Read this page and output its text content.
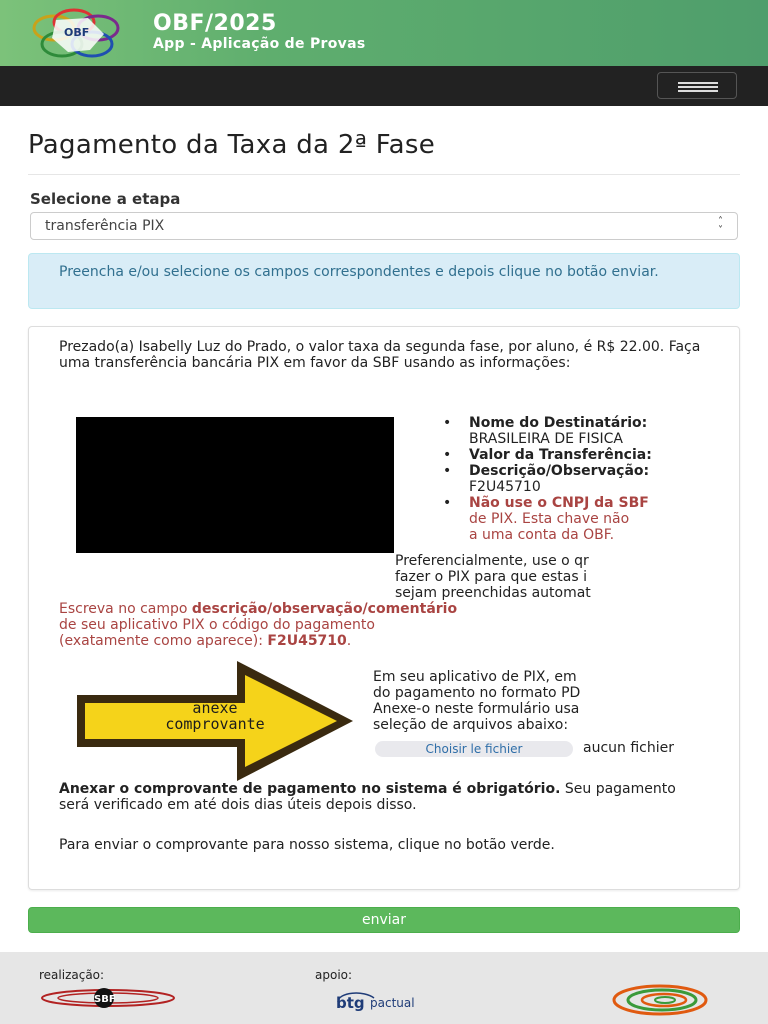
OBF	OBF/2025
App - Aplicação de Provas
Pagamento da Taxa da 2ª Fase
Selecione a etapa
transferência PIX	˄
˅
Preencha e/ou selecione os campos correspondentes e depois clique no botão enviar.

Prezado(a) Isabelly Luz do Prado, o valor taxa da segunda fase, por aluno, é R$ 22.00. Faça uma transferência bancária PIX em favor da SBF usando as informações:

• Nome do Destinatário:
BRASILEIRA DE FISICA
• Valor da Transferência:
• Descrição/Observação:
F2U45710
• Não use o CNPJ da SBF
de PIX. Esta chave não
a uma conta da OBF.
Preferencialmente, use o qr
fazer o PIX para que estas i
sejam preenchidas automat
Escreva no campo descrição/observação/comentário
de seu aplicativo PIX o código do pagamento
(exatamente como aparece): F2U45710.
anexe
comprovante
Em seu aplicativo de PIX, em
do pagamento no formato PD
Anexe-o neste formulário usa
seleção de arquivos abaixo:
Choisir le fichier	aucun fichier

Anexar o comprovante de pagamento no sistema é obrigatório. Seu pagamento será verificado em até dois dias úteis depois disso.

Para enviar o comprovante para nosso sistema, clique no botão verde.

enviar
realização:	apoio:
SBF	btg pactual
